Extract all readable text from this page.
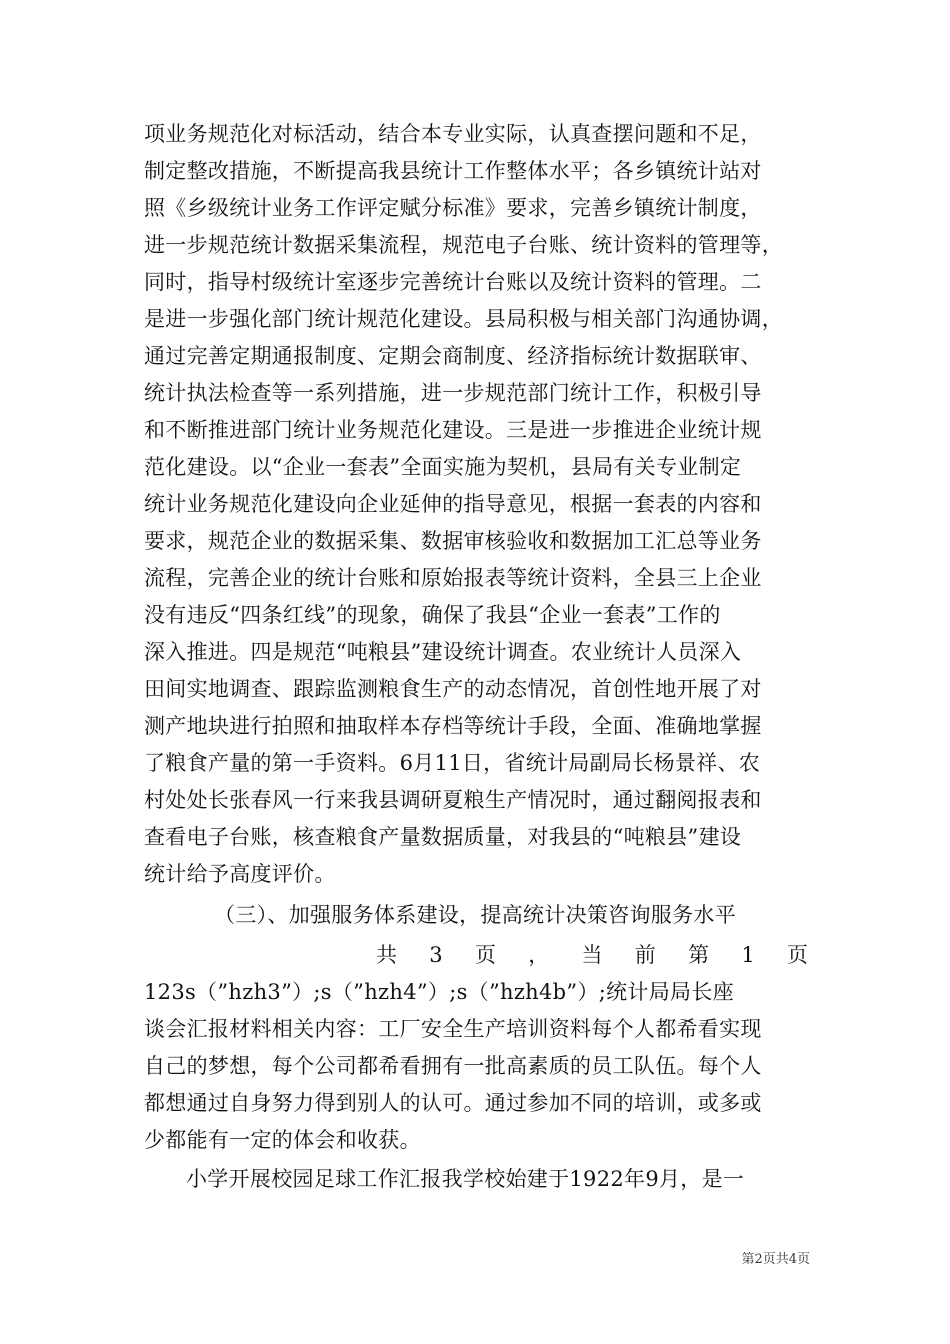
项业务规范化对标活动，结合本专业实际，认真查摆问题和不足，
制定整改措施，不断提高我县统计工作整体水平；各乡镇统计站对
照《乡级统计业务工作评定赋分标准》要求，完善乡镇统计制度，
进一步规范统计数据采集流程，规范电子台账、统计资料的管理等，
同时，指导村级统计室逐步完善统计台账以及统计资料的管理。二
是进一步强化部门统计规范化建设。县局积极与相关部门沟通协调，
通过完善定期通报制度、定期会商制度、经济指标统计数据联审、
统计执法检查等一系列措施，进一步规范部门统计工作，积极引导
和不断推进部门统计业务规范化建设。三是进一步推进企业统计规
范化建设。以“企业一套表”全面实施为契机，县局有关专业制定
统计业务规范化建设向企业延伸的指导意见，根据一套表的内容和
要求，规范企业的数据采集、数据审核验收和数据加工汇总等业务
流程，完善企业的统计台账和原始报表等统计资料，全县三上企业
没有违反“四条红线”的现象，确保了我县“企业一套表”工作的
深入推进。四是规范“吨粮县”建设统计调查。农业统计人员深入
田间实地调查、跟踪监测粮食生产的动态情况，首创性地开展了对
测产地块进行拍照和抽取样本存档等统计手段，全面、准确地掌握
了粮食产量的第一手资料。6月11日，省统计局副局长杨景祥、农
村处处长张春风一行来我县调研夏粮生产情况时，通过翻阅报表和
查看电子台账，核查粮食产量数据质量，对我县的“吨粮县”建设
统计给予高度评价。
（三）、加强服务体系建设，提高统计决策咨询服务水平
共 3 页 ， 当 前 第 1 页
123s（”hzh3”）;s（”hzh4”）;s（”hzh4b”）;统计局局长座
谈会汇报材料相关内容：工厂安全生产培训资料每个人都希看实现
自己的梦想，每个公司都希看拥有一批高素质的员工队伍。每个人
都想通过自身努力得到别人的认可。通过参加不同的培训，或多或
少都能有一定的体会和收获。
小学开展校园足球工作汇报我学校始建于1922年9月，是一
第2页共4页
